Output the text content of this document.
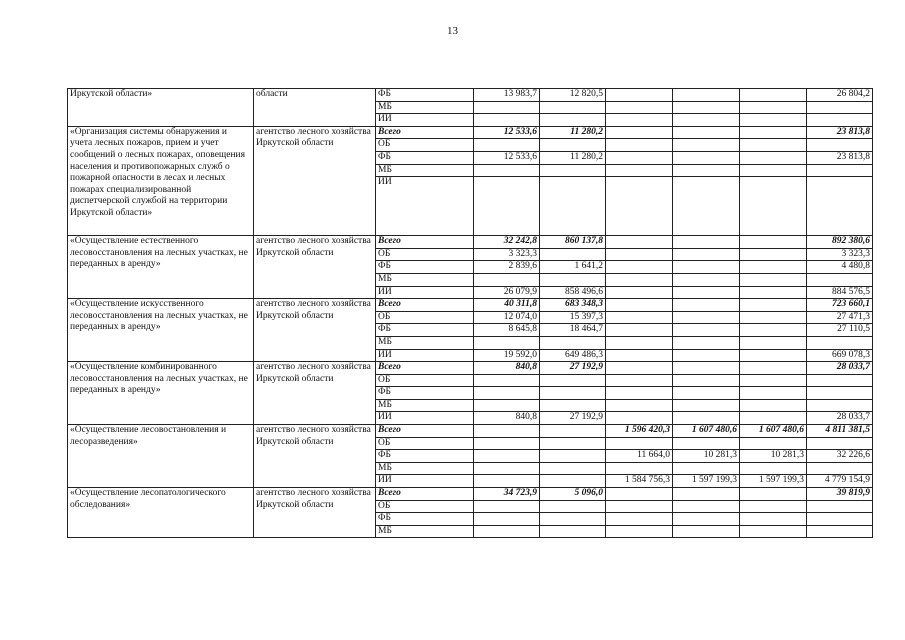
13
Иркутской области»	области	ФБ	13 983,7	12 820,5				26 804,2
		МБ						
		ИИ						
«Организация системы обнаружения и учета лесных пожаров, прием и учет сообщений о лесных пожарах, оповещения населения и противопожарных служб о пожарной опасности в лесах и лесных пожарах специализированной диспетчерской службой на территории Иркутской области»	агентство лесного хозяйства Иркутской области	Всего	12 533,6	11 280,2				23 813,8
		ОБ						
		ФБ	12 533,6	11 280,2				23 813,8
		МБ						
		ИИ						
«Осуществление естественного лесовосстановления на лесных участках, не переданных в аренду»	агентство лесного хозяйства Иркутской области	Всего	32 242,8	860 137,8				892 380,6
		ОБ	3 323,3					3 323,3
		ФБ	2 839,6	1 641,2				4 480,8
		МБ						
		ИИ	26 079,9	858 496,6				884 576,5
«Осуществление искусственного лесовосстановления на лесных участках, не переданных в аренду»	агентство лесного хозяйства Иркутской области	Всего	40 311,8	683 348,3				723 660,1
		ОБ	12 074,0	15 397,3				27 471,3
		ФБ	8 645,8	18 464,7				27 110,5
		МБ						
		ИИ	19 592,0	649 486,3				669 078,3
«Осуществление комбинированного лесовосстановления на лесных участках, не переданных в аренду»	агентство лесного хозяйства Иркутской области	Всего	840,8	27 192,9				28 033,7
		ОБ						
		ФБ						
		МБ						
		ИИ	840,8	27 192,9				28 033,7
«Осуществление лесовостановления и лесоразведения»	агентство лесного хозяйства Иркутской области	Всего			1 596 420,3	1 607 480,6	1 607 480,6	4 811 381,5
		ОБ						
		ФБ			11 664,0	10 281,3	10 281,3	32 226,6
		МБ						
		ИИ			1 584 756,3	1 597 199,3	1 597 199,3	4 779 154,9
«Осуществление лесопатологического обследования»	агентство лесного хозяйства Иркутской области	Всего	34 723,9	5 096,0				39 819,9
		ОБ						
		ФБ						
		МБ						
